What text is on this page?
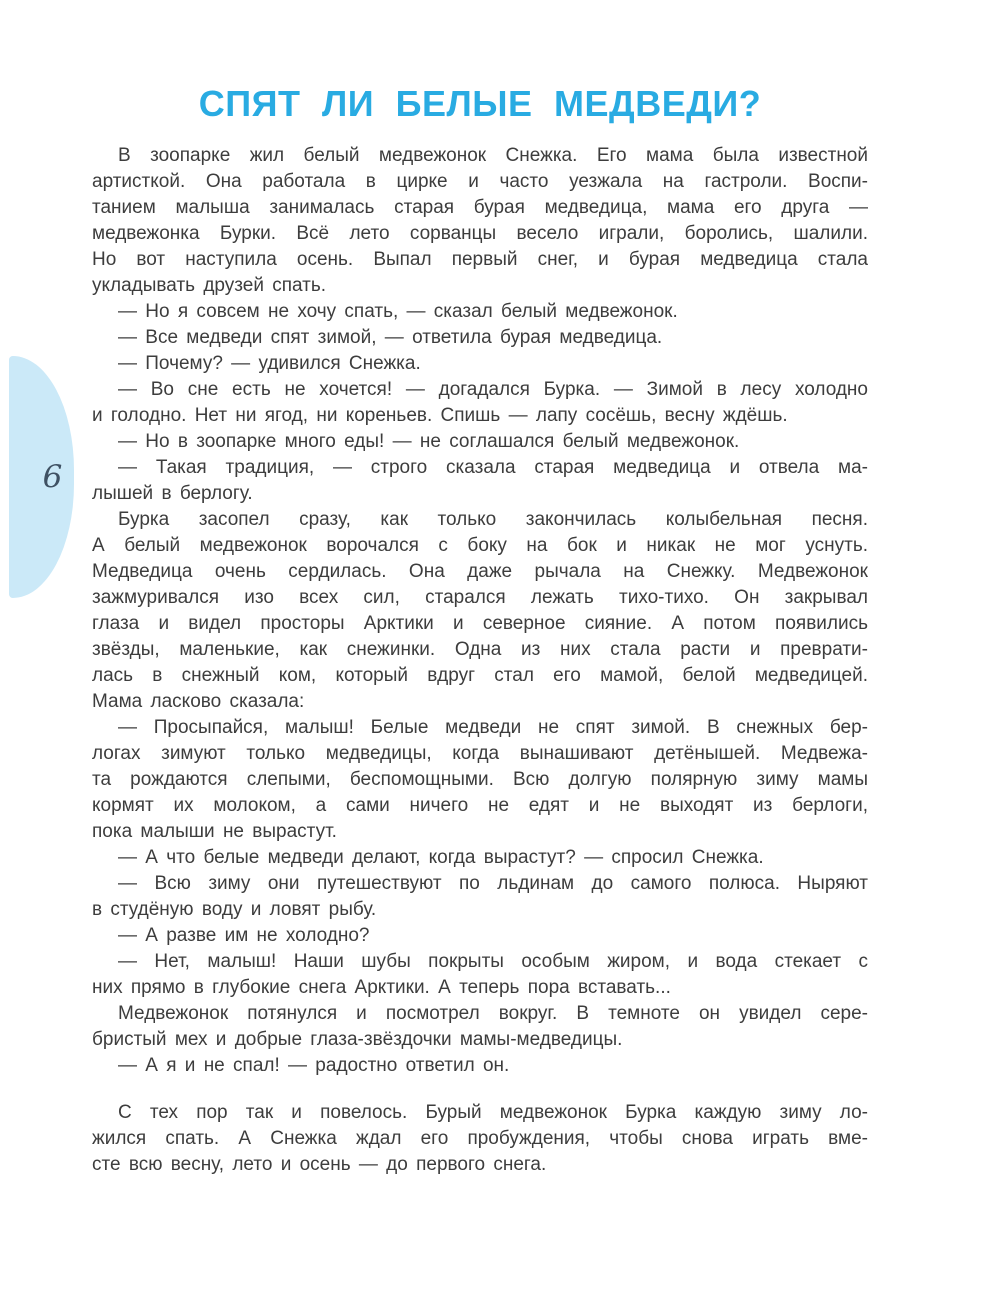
СПЯТ ЛИ БЕЛЫЕ МЕДВЕДИ?
В зоопарке жил белый медвежонок Снежка. Его мама была известной
артисткой. Она работала в цирке и часто уезжала на гастроли. Воспи-
танием малыша занималась старая бурая медведица, мама его друга —
медвежонка Бурки. Всё лето сорванцы весело играли, боролись, шалили.
Но вот наступила осень. Выпал первый снег, и бурая медведица стала
укладывать друзей спать.
— Но я совсем не хочу спать, — сказал белый медвежонок.
— Все медведи спят зимой, — ответила бурая медведица.
— Почему? — удивился Снежка.
— Во сне есть не хочется! — догадался Бурка. — Зимой в лесу холодно
и голодно. Нет ни ягод, ни кореньев. Спишь — лапу сосёшь, весну ждёшь.
— Но в зоопарке много еды! — не соглашался белый медвежонок.
— Такая традиция, — строго сказала старая медведица и отвела ма-
лышей в берлогу.
Бурка засопел сразу, как только закончилась колыбельная песня.
А белый медвежонок ворочался с боку на бок и никак не мог уснуть.
Медведица очень сердилась. Она даже рычала на Снежку. Медвежонок
зажмуривался изо всех сил, старался лежать тихо-тихо. Он закрывал
глаза и видел просторы Арктики и северное сияние. А потом появились
звёзды, маленькие, как снежинки. Одна из них стала расти и преврати-
лась в снежный ком, который вдруг стал его мамой, белой медведицей.
Мама ласково сказала:
— Просыпайся, малыш! Белые медведи не спят зимой. В снежных бер-
логах зимуют только медведицы, когда вынашивают детёнышей. Медвежа-
та рождаются слепыми, беспомощными. Всю долгую полярную зиму мамы
кормят их молоком, а сами ничего не едят и не выходят из берлоги,
пока малыши не вырастут.
— А что белые медведи делают, когда вырастут? — спросил Снежка.
— Всю зиму они путешествуют по льдинам до самого полюса. Ныряют
в студёную воду и ловят рыбу.
— А разве им не холодно?
— Нет, малыш! Наши шубы покрыты особым жиром, и вода стекает с
них прямо в глубокие снега Арктики. А теперь пора вставать...
Медвежонок потянулся и посмотрел вокруг. В темноте он увидел сере-
бристый мех и добрые глаза-звёздочки мамы-медведицы.
— А я и не спал! — радостно ответил он.
С тех пор так и повелось. Бурый медвежонок Бурка каждую зиму ло-
жился спать. А Снежка ждал его пробуждения, чтобы снова играть вме-
сте всю весну, лето и осень — до первого снега.
6
